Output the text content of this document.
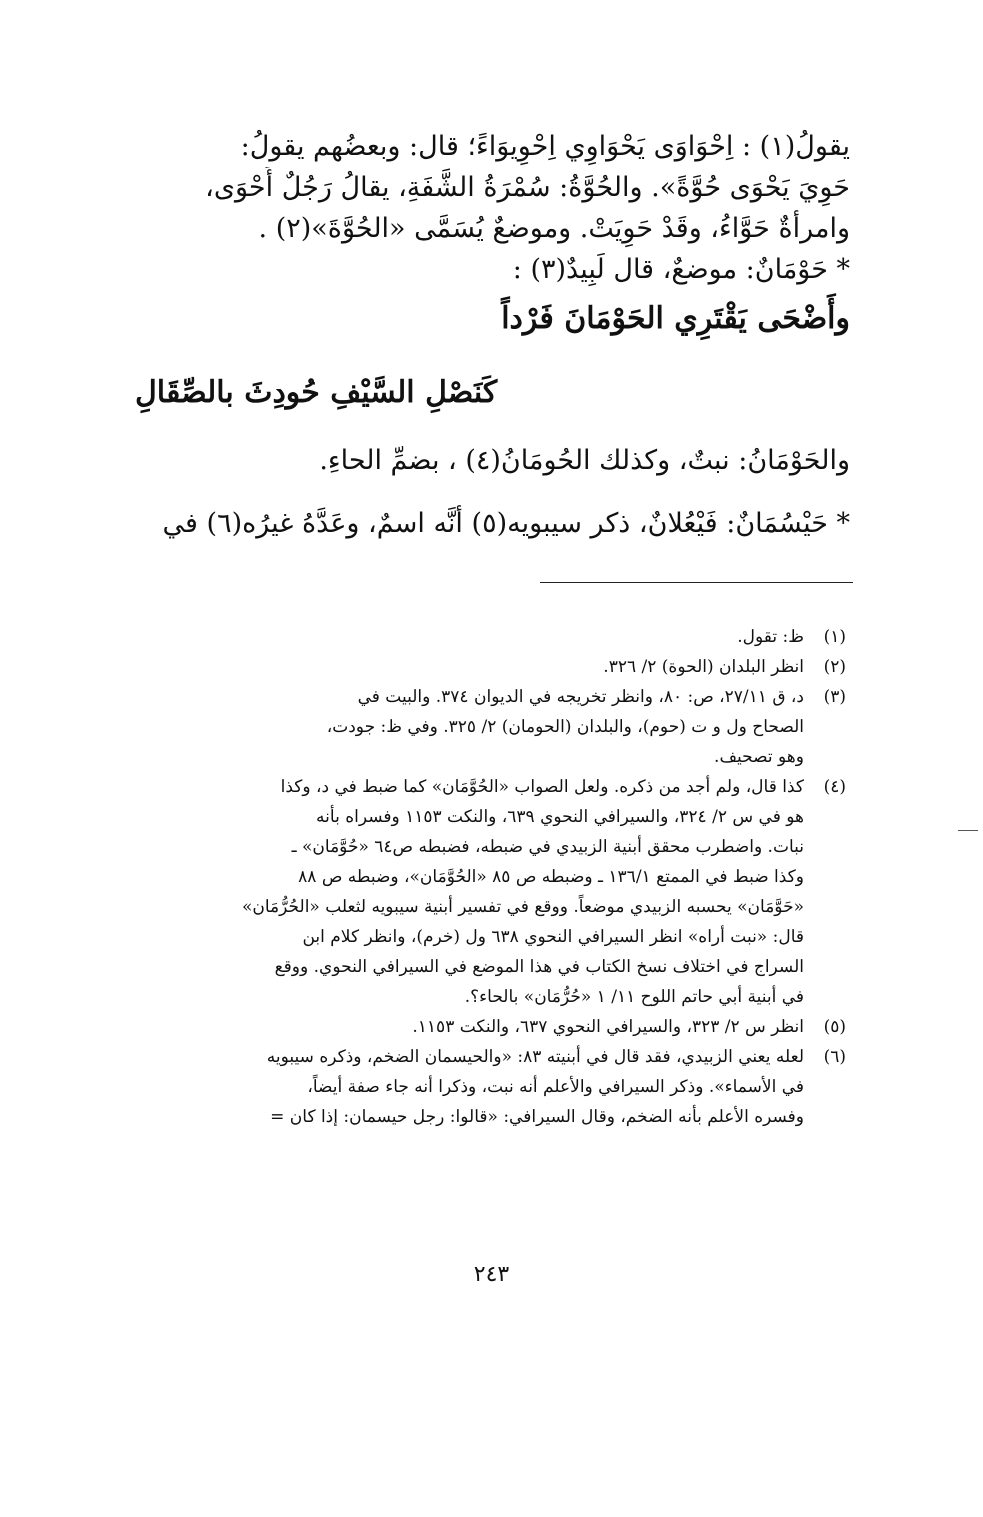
يقولُ(١) : اِحْوَاوَى يَحْوَاوِي اِحْوِيوَاءً؛ قال: وبعضُهم يقولُ:
حَوِيَ يَحْوَى حُوَّةً». والحُوَّةُ: سُمْرَةُ الشَّفَةِ، يقالُ رَجُلٌ أَحْوَى،
وامرأةٌ حَوَّاءُ، وقَدْ حَوِيَتْ. وموضعٌ يُسَمَّى «الحُوَّةَ»(٢) .
* حَوْمَانٌ: موضعٌ، قال لَبِيدٌ(٣) :

وأَضْحَى يَقْتَرِي الحَوْمَانَ فَرْداً
كَنَصْلِ السَّيْفِ حُودِثَ بالصِّقَالِ

والحَوْمَانُ: نبتٌ، وكذلك الحُومَانُ(٤) ، بضمِّ الحاءِ.

* حَيْسُمَانٌ: فَيْعُلانٌ، ذكر سيبويه(٥) أنَّه اسمٌ، وعَدَّهُ غيرُه(٦) في

(١)
ظ: تقول.
(٢)
انظر البلدان (الحوة) ٢/ ٣٢٦.
(٣)
د، ق ٢٧/١١، ص: ٨٠، وانظر تخريجه في الديوان ٣٧٤. والبيت في
الصحاح ول و ت (حوم)، والبلدان (الحومان) ٢/ ٣٢٥. وفي ظ: جودت،
وهو تصحيف.
(٤)
كذا قال، ولم أجد من ذكره. ولعل الصواب «الحُوَّمَان» كما ضبط في د، وكذا
هو في س ٢/ ٣٢٤، والسيرافي النحوي ٦٣٩، والنكت ١١٥٣ وفسراه بأنه
نبات. واضطرب محقق أبنية الزبيدي في ضبطه، فضبطه ص٦٤ «حُوَّمَان» ـ
وكذا ضبط في الممتع ١٣٦/١ ـ وضبطه ص ٨٥ «الحُوَّمَان»، وضبطه ص ٨٨
«حَوَّمَان» يحسبه الزبيدي موضعاً. ووقع في تفسير أبنية سيبويه لثعلب «الحُرُّمَان»
قال: «نبت أراه» انظر السيرافي النحوي ٦٣٨ ول (خرم)، وانظر كلام ابن
السراج في اختلاف نسخ الكتاب في هذا الموضع في السيرافي النحوي. ووقع
في أبنية أبي حاتم اللوح ١١/ ١ «حُرُّمَان» بالحاء؟.
(٥)
انظر س ٢/ ٣٢٣، والسيرافي النحوي ٦٣٧، والنكت ١١٥٣.
(٦)
لعله يعني الزبيدي، فقد قال في أبنيته ٨٣: «والحيسمان الضخم، وذكره سيبويه
في الأسماء». وذكر السيرافي والأعلم أنه نبت، وذكرا أنه جاء صفة أيضاً،
وفسره الأعلم بأنه الضخم، وقال السيرافي: «قالوا: رجل حيسمان: إذا كان =
٢٤٣
